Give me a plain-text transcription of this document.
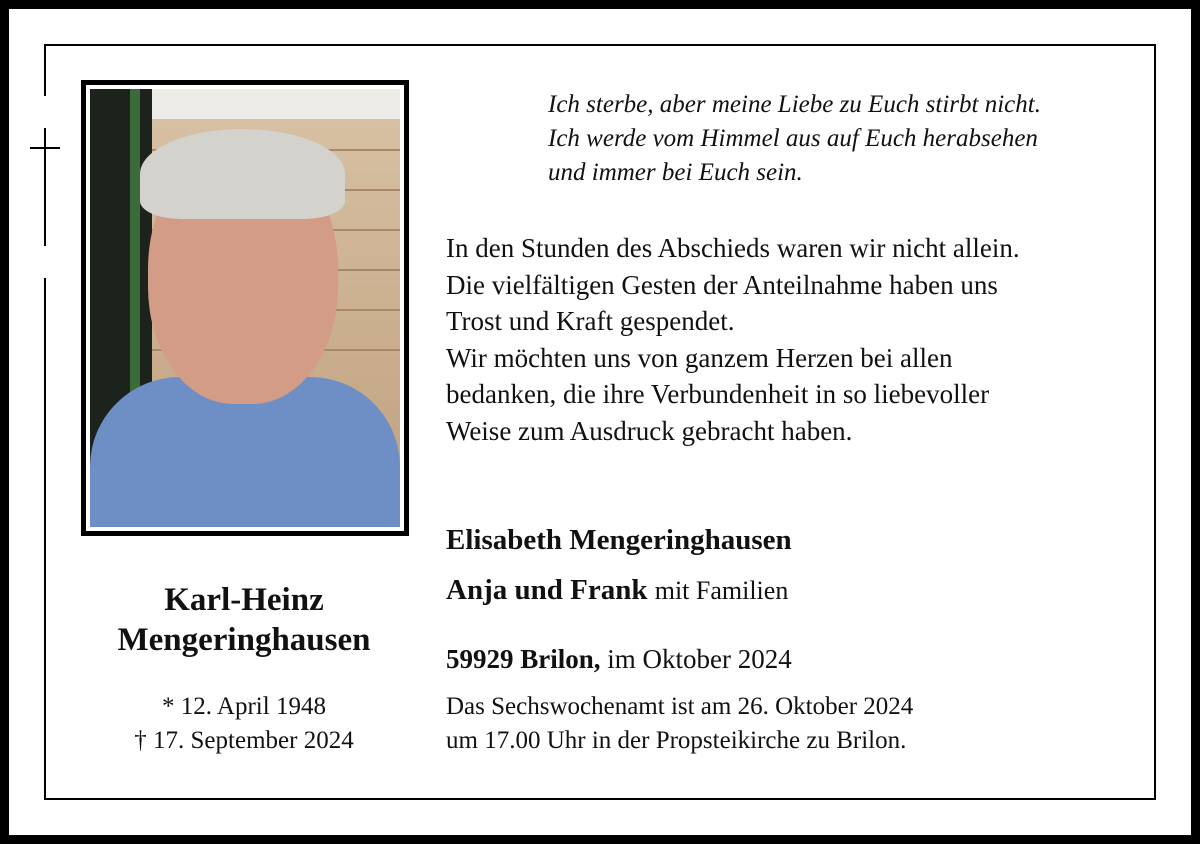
Ich sterbe, aber meine Liebe zu Euch stirbt nicht.
Ich werde vom Himmel aus auf Euch herabsehen
und immer bei Euch sein.
In den Stunden des Abschieds waren wir nicht allein.
Die vielfältigen Gesten der Anteilnahme haben uns
Trost und Kraft gespendet.
Wir möchten uns von ganzem Herzen bei allen
bedanken, die ihre Verbundenheit in so liebevoller
Weise zum Ausdruck gebracht haben.
Elisabeth Mengeringhausen
Anja und Frank mit Familien
59929 Brilon, im Oktober 2024
Das Sechswochenamt ist am 26. Oktober 2024
um 17.00 Uhr in der Propsteikirche zu Brilon.
Karl-Heinz
Mengeringhausen
* 12. April 1948
† 17. September 2024
